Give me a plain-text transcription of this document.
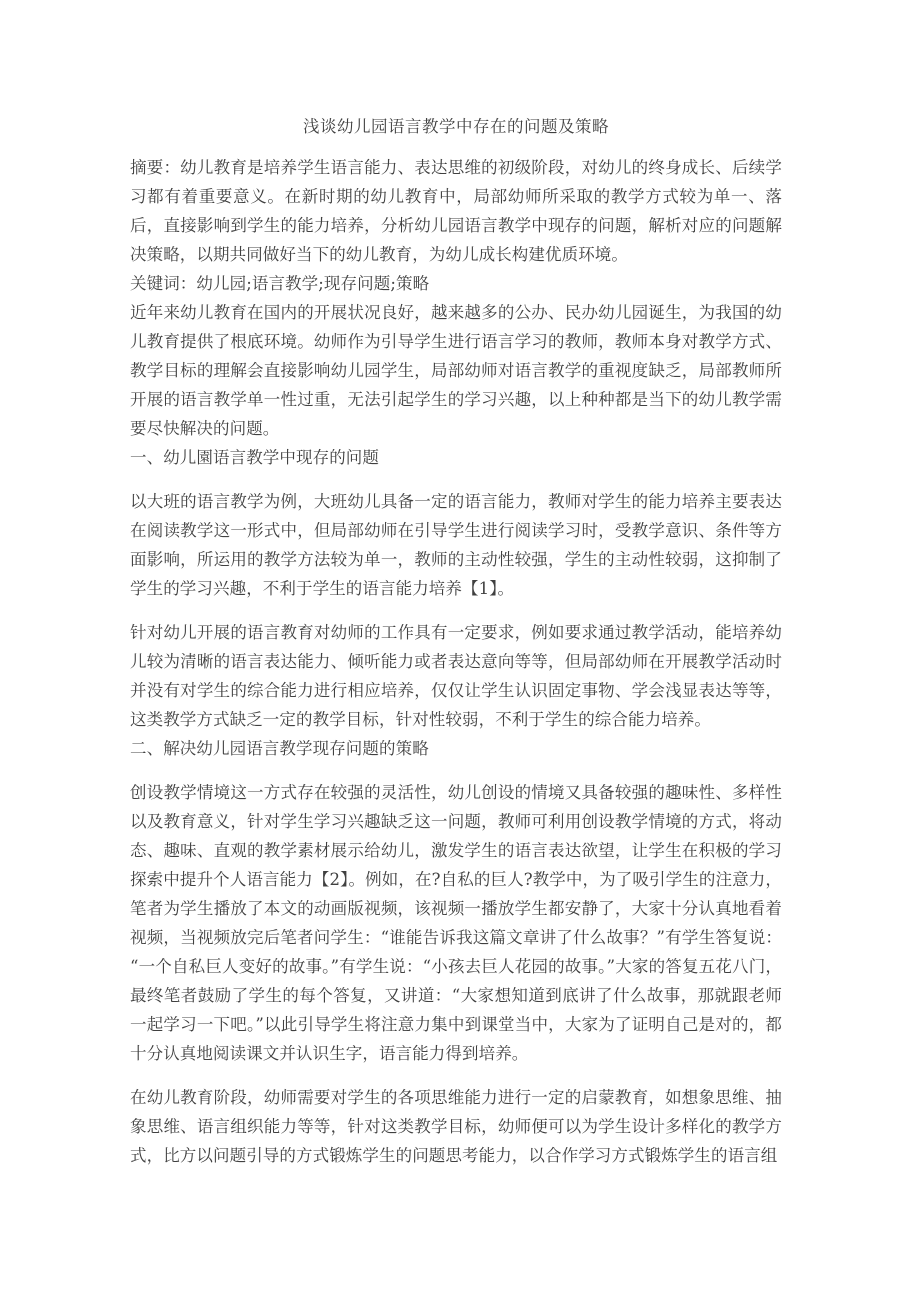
浅谈幼儿园语言教学中存在的问题及策略

摘要：幼儿教育是培养学生语言能力、表达思维的初级阶段，对幼儿的终身成长、后续学习都有着重要意义。在新时期的幼儿教育中，局部幼师所采取的教学方式较为单一、落后，直接影响到学生的能力培养，分析幼儿园语言教学中现存的问题，解析对应的问题解决策略，以期共同做好当下的幼儿教育，为幼儿成长构建优质环境。

关键词：幼儿园;语言教学;现存问题;策略

近年来幼儿教育在国内的开展状况良好，越来越多的公办、民办幼儿园诞生，为我国的幼儿教育提供了根底环境。幼师作为引导学生进行语言学习的教师，教师本身对教学方式、教学目标的理解会直接影响幼儿园学生，局部幼师对语言教学的重视度缺乏，局部教师所开展的语言教学单一性过重，无法引起学生的学习兴趣，以上种种都是当下的幼儿教学需要尽快解决的问题。

一、幼儿園语言教学中现存的问题

以大班的语言教学为例，大班幼儿具备一定的语言能力，教师对学生的能力培养主要表达在阅读教学这一形式中，但局部幼师在引导学生进行阅读学习时，受教学意识、条件等方面影响，所运用的教学方法较为单一，教师的主动性较强，学生的主动性较弱，这抑制了学生的学习兴趣，不利于学生的语言能力培养【1】。

针对幼儿开展的语言教育对幼师的工作具有一定要求，例如要求通过教学活动，能培养幼儿较为清晰的语言表达能力、倾听能力或者表达意向等等，但局部幼师在开展教学活动时并没有对学生的综合能力进行相应培养，仅仅让学生认识固定事物、学会浅显表达等等，这类教学方式缺乏一定的教学目标，针对性较弱，不利于学生的综合能力培养。

二、解决幼儿园语言教学现存问题的策略

创设教学情境这一方式存在较强的灵活性，幼儿创设的情境又具备较强的趣味性、多样性以及教育意义，针对学生学习兴趣缺乏这一问题，教师可利用创设教学情境的方式，将动态、趣味、直观的教学素材展示给幼儿，激发学生的语言表达欲望，让学生在积极的学习探索中提升个人语言能力【2】。例如，在?自私的巨人?教学中，为了吸引学生的注意力，笔者为学生播放了本文的动画版视频，该视频一播放学生都安静了，大家十分认真地看着视频，当视频放完后笔者问学生：“谁能告诉我这篇文章讲了什么故事？”有学生答复说：“一个自私巨人变好的故事。”有学生说：“小孩去巨人花园的故事。”大家的答复五花八门，最终笔者鼓励了学生的每个答复，又讲道：“大家想知道到底讲了什么故事，那就跟老师一起学习一下吧。”以此引导学生将注意力集中到课堂当中，大家为了证明自己是对的，都十分认真地阅读课文并认识生字，语言能力得到培养。

在幼儿教育阶段，幼师需要对学生的各项思维能力进行一定的启蒙教育，如想象思维、抽象思维、语言组织能力等等，针对这类教学目标，幼师便可以为学生设计多样化的教学方式，比方以问题引导的方式锻炼学生的问题思考能力，以合作学习方式锻炼学生的语言组
